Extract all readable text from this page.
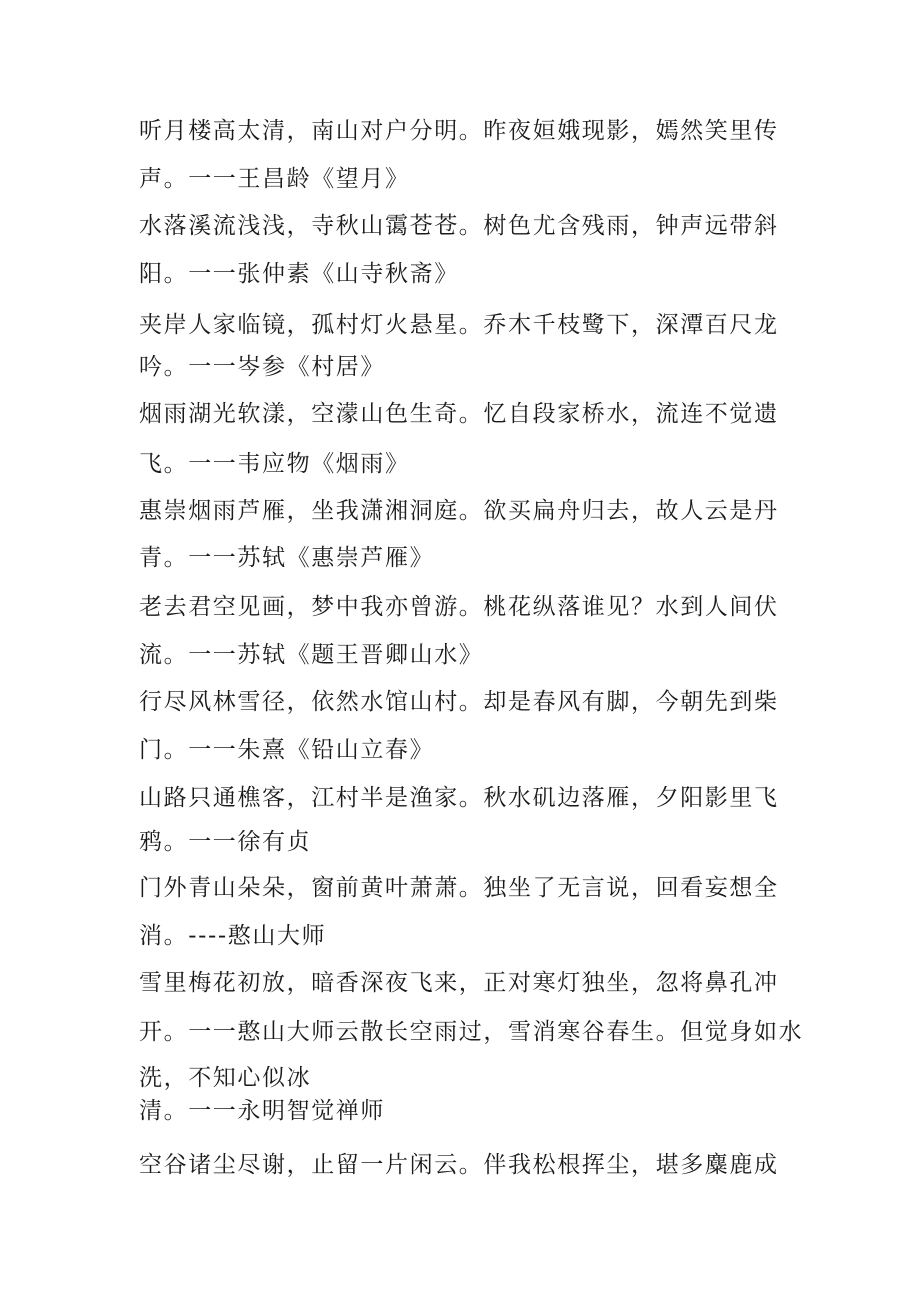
听月楼高太清，南山对户分明。昨夜姮娥现影，嫣然笑里传
声。一一王昌龄《望月》
水落溪流浅浅，寺秋山霭苍苍。树色尤含残雨，钟声远带斜
阳。一一张仲素《山寺秋斋》
夹岸人家临镜，孤村灯火悬星。乔木千枝鹭下，深潭百尺龙
吟。一一岑参《村居》
烟雨湖光软漾，空濛山色生奇。忆自段家桥水，流连不觉遗
飞。一一韦应物《烟雨》
惠崇烟雨芦雁，坐我潇湘洞庭。欲买扁舟归去，故人云是丹
青。一一苏轼《惠崇芦雁》
老去君空见画，梦中我亦曾游。桃花纵落谁见？水到人间伏
流。一一苏轼《题王晋卿山水》
行尽风林雪径，依然水馆山村。却是春风有脚，今朝先到柴
门。一一朱熹《铅山立春》
山路只通樵客，江村半是渔家。秋水矶边落雁，夕阳影里飞
鸦。一一徐有贞
门外青山朵朵，窗前黄叶萧萧。独坐了无言说，回看妄想全
消。----憨山大师
雪里梅花初放，暗香深夜飞来，正对寒灯独坐，忽将鼻孔冲
开。一一憨山大师云散长空雨过，雪消寒谷春生。但觉身如水
洗，不知心似冰
清。一一永明智觉禅师
空谷诸尘尽谢，止留一片闲云。伴我松根挥尘，堪多麋鹿成
